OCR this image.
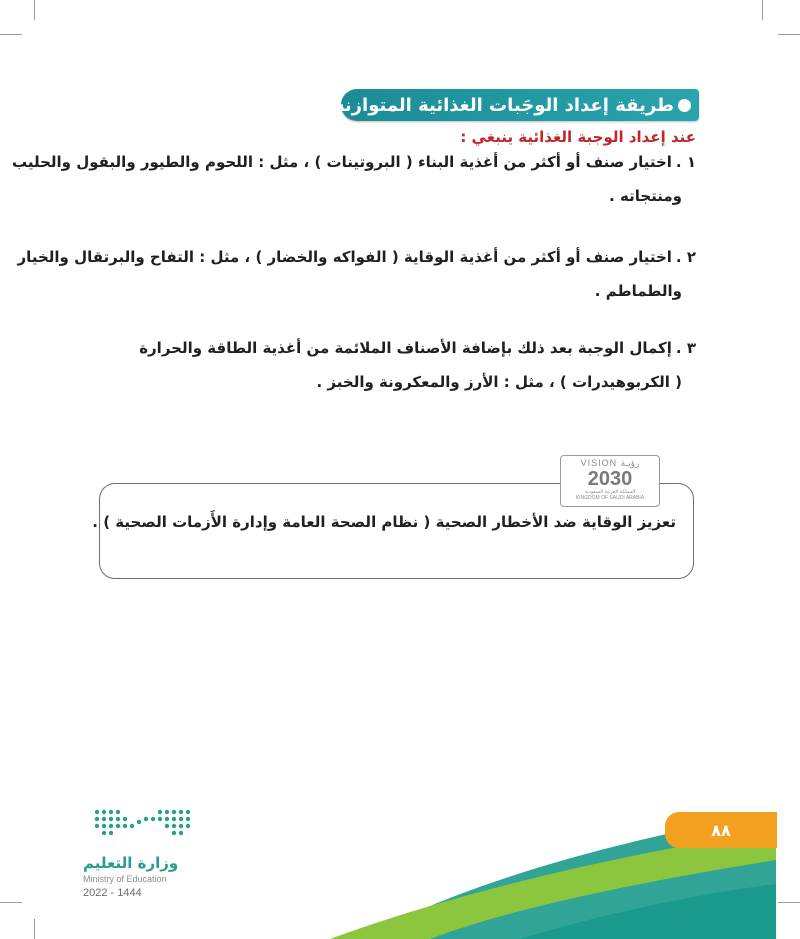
طريقة إعداد الوجَبات الغذائية المتوازنة :
عند إعداد الوجبة الغذائية ينبغي :

١ .اختيار صنف أو أكثر من أغذية البناء ( البروتينات ) ، مثل : اللحوم والطيور والبقول والحليب

ومنتجاته .

٢ .اختيار صنف أو أكثر من أغذية الوقاية ( الفواكه والخضار ) ، مثل : التفاح والبرتقال والخيار

والطماطم .

٣ .إكمال الوجبة بعد ذلك بإضافة الأصناف الملائمة من أغذية الطاقة والحرارة

( الكربوهيدرات ) ، مثل : الأرز والمعكرونة والخبز .

VISION رؤيـة
2030
المملكة العربية السعودية
KINGDOM OF SAUDI ARABIA
تعزيز الوقاية ضد الأخطار الصحية ( نظام الصحة العامة وإدارة الأَزمات الصحية ) .
٨٨
وزارة التعليم
Ministry of Education
2022 - 1444
